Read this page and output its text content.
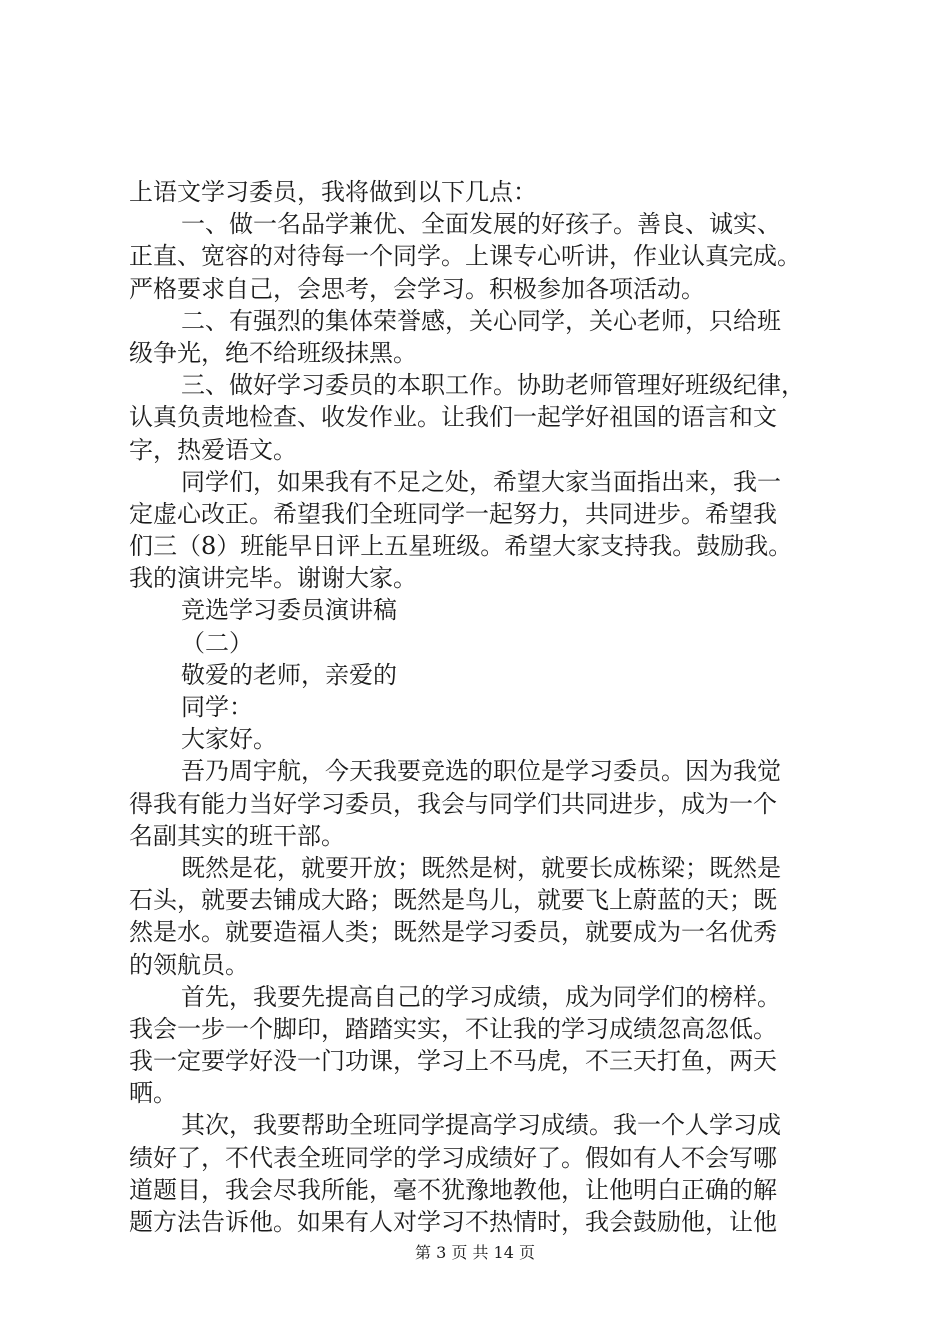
上语文学习委员，我将做到以下几点：
一、做一名品学兼优、全面发展的好孩子。善良、诚实、
正直、宽容的对待每一个同学。上课专心听讲，作业认真完成。
严格要求自己，会思考，会学习。积极参加各项活动。
二、有强烈的集体荣誉感，关心同学，关心老师，只给班
级争光，绝不给班级抹黑。
三、做好学习委员的本职工作。协助老师管理好班级纪律，
认真负责地检查、收发作业。让我们一起学好祖国的语言和文
字，热爱语文。
同学们，如果我有不足之处，希望大家当面指出来，我一
定虚心改正。希望我们全班同学一起努力，共同进步。希望我
们三（8）班能早日评上五星班级。希望大家支持我。鼓励我。
我的演讲完毕。谢谢大家。
竞选学习委员演讲稿
（二）
敬爱的老师，亲爱的
同学：
大家好。
吾乃周宇航，今天我要竞选的职位是学习委员。因为我觉
得我有能力当好学习委员，我会与同学们共同进步，成为一个
名副其实的班干部。
既然是花，就要开放；既然是树，就要长成栋梁；既然是
石头，就要去铺成大路；既然是鸟儿，就要飞上蔚蓝的天；既
然是水。就要造福人类；既然是学习委员，就要成为一名优秀
的领航员。
首先，我要先提高自己的学习成绩，成为同学们的榜样。
我会一步一个脚印，踏踏实实，不让我的学习成绩忽高忽低。
我一定要学好没一门功课，学习上不马虎，不三天打鱼，两天
晒。
其次，我要帮助全班同学提高学习成绩。我一个人学习成
绩好了，不代表全班同学的学习成绩好了。假如有人不会写哪
道题目，我会尽我所能，毫不犹豫地教他，让他明白正确的解
题方法告诉他。如果有人对学习不热情时，我会鼓励他，让他
第 3 页 共 14 页
